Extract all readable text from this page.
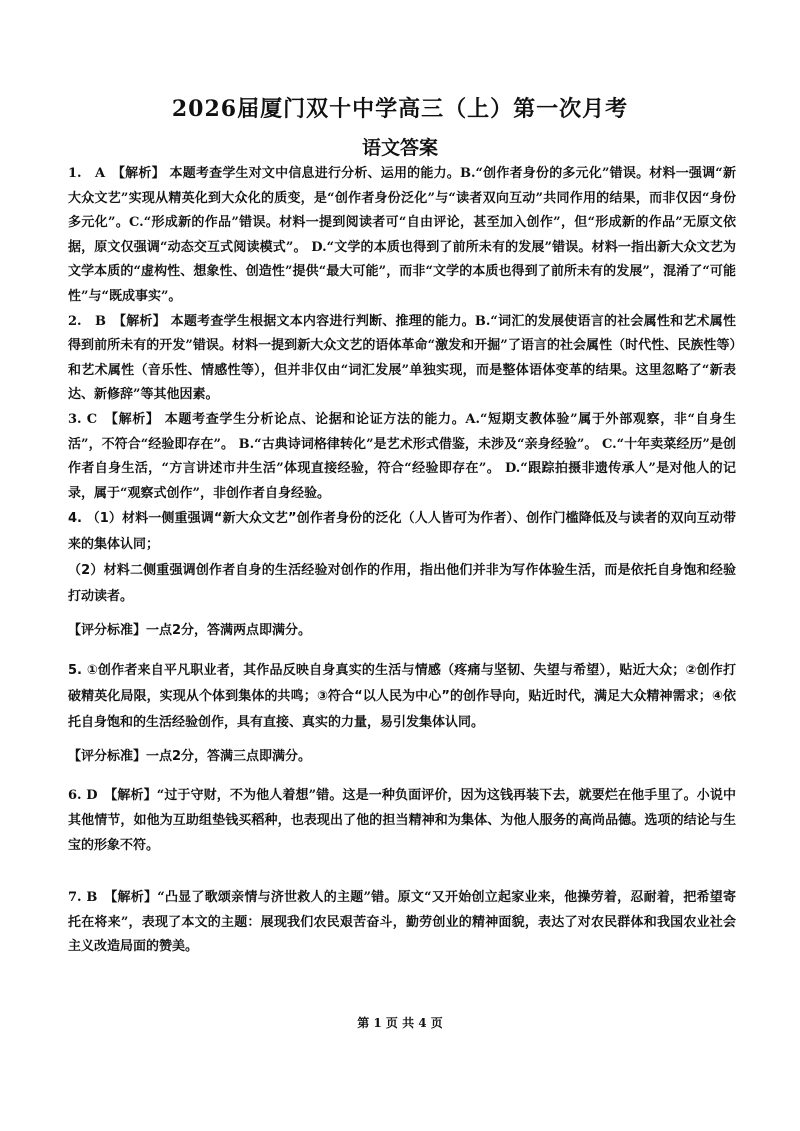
2026届厦门双十中学高三（上）第一次月考
语文答案

1.　A　【解析】 本题考查学生对文中信息进行分析、运用的能力。B.“创作者身份的多元化”错误。材料一强调“新大众文艺”实现从精英化到大众化的质变，是“创作者身份泛化”与“读者双向互动”共同作用的结果，而非仅因“身份多元化”。C.“形成新的作品”错误。材料一提到阅读者可“自由评论，甚至加入创作”，但“形成新的作品”无原文依据，原文仅强调“动态交互式阅读模式”。 D.“文学的本质也得到了前所未有的发展”错误。材料一指出新大众文艺为文学本质的“虚构性、想象性、创造性”提供“最大可能”，而非“文学的本质也得到了前所未有的发展”，混淆了“可能性”与“既成事实”。

2.　B　【解析】 本题考查学生根据文本内容进行判断、推理的能力。B.“词汇的发展使语言的社会属性和艺术属性得到前所未有的开发”错误。材料一提到新大众文艺的语体革命“激发和开掘”了语言的社会属性（时代性、民族性等）和艺术属性（音乐性、情感性等），但并非仅由“词汇发展”单独实现，而是整体语体变革的结果。这里忽略了“新表达、新修辞”等其他因素。

3. C　【解析】 本题考查学生分析论点、论据和论证方法的能力。A.“短期支教体验”属于外部观察，非“自身生活”，不符合“经验即存在”。 B.“古典诗词格律转化”是艺术形式借鉴，未涉及“亲身经验”。 C.“十年卖菜经历”是创作者自身生活，“方言讲述市井生活”体现直接经验，符合“经验即存在”。 D.“跟踪拍摄非遗传承人”是对他人的记录，属于“观察式创作”，非创作者自身经验。

4. （1）材料一侧重强调“新大众文艺”创作者身份的泛化（人人皆可为作者）、创作门槛降低及与读者的双向互动带来的集体认同；

（2）材料二侧重强调创作者自身的生活经验对创作的作用，指出他们并非为写作体验生活，而是依托自身饱和经验打动读者。

【评分标准】一点2分，答满两点即满分。

5. ①创作者来自平凡职业者，其作品反映自身真实的生活与情感（疼痛与坚韧、失望与希望），贴近大众；②创作打破精英化局限，实现从个体到集体的共鸣；③符合“以人民为中心”的创作导向，贴近时代，满足大众精神需求；④依托自身饱和的生活经验创作，具有直接、真实的力量，易引发集体认同。

【评分标准】一点2分，答满三点即满分。

6. D　【解析】“过于守财，不为他人着想”错。这是一种负面评价，因为这钱再装下去，就要烂在他手里了。小说中其他情节，如他为互助组垫钱买稻种，也表现出了他的担当精神和为集体、为他人服务的高尚品德。选项的结论与生宝的形象不符。

7. B　【解析】“凸显了歌颂亲情与济世救人的主题”错。原文“又开始创立起家业来，他操劳着，忍耐着，把希望寄托在将来”，表现了本文的主题：展现我们农民艰苦奋斗，勤劳创业的精神面貌，表达了对农民群体和我国农业社会主义改造局面的赞美。

第 1 页 共 4 页
